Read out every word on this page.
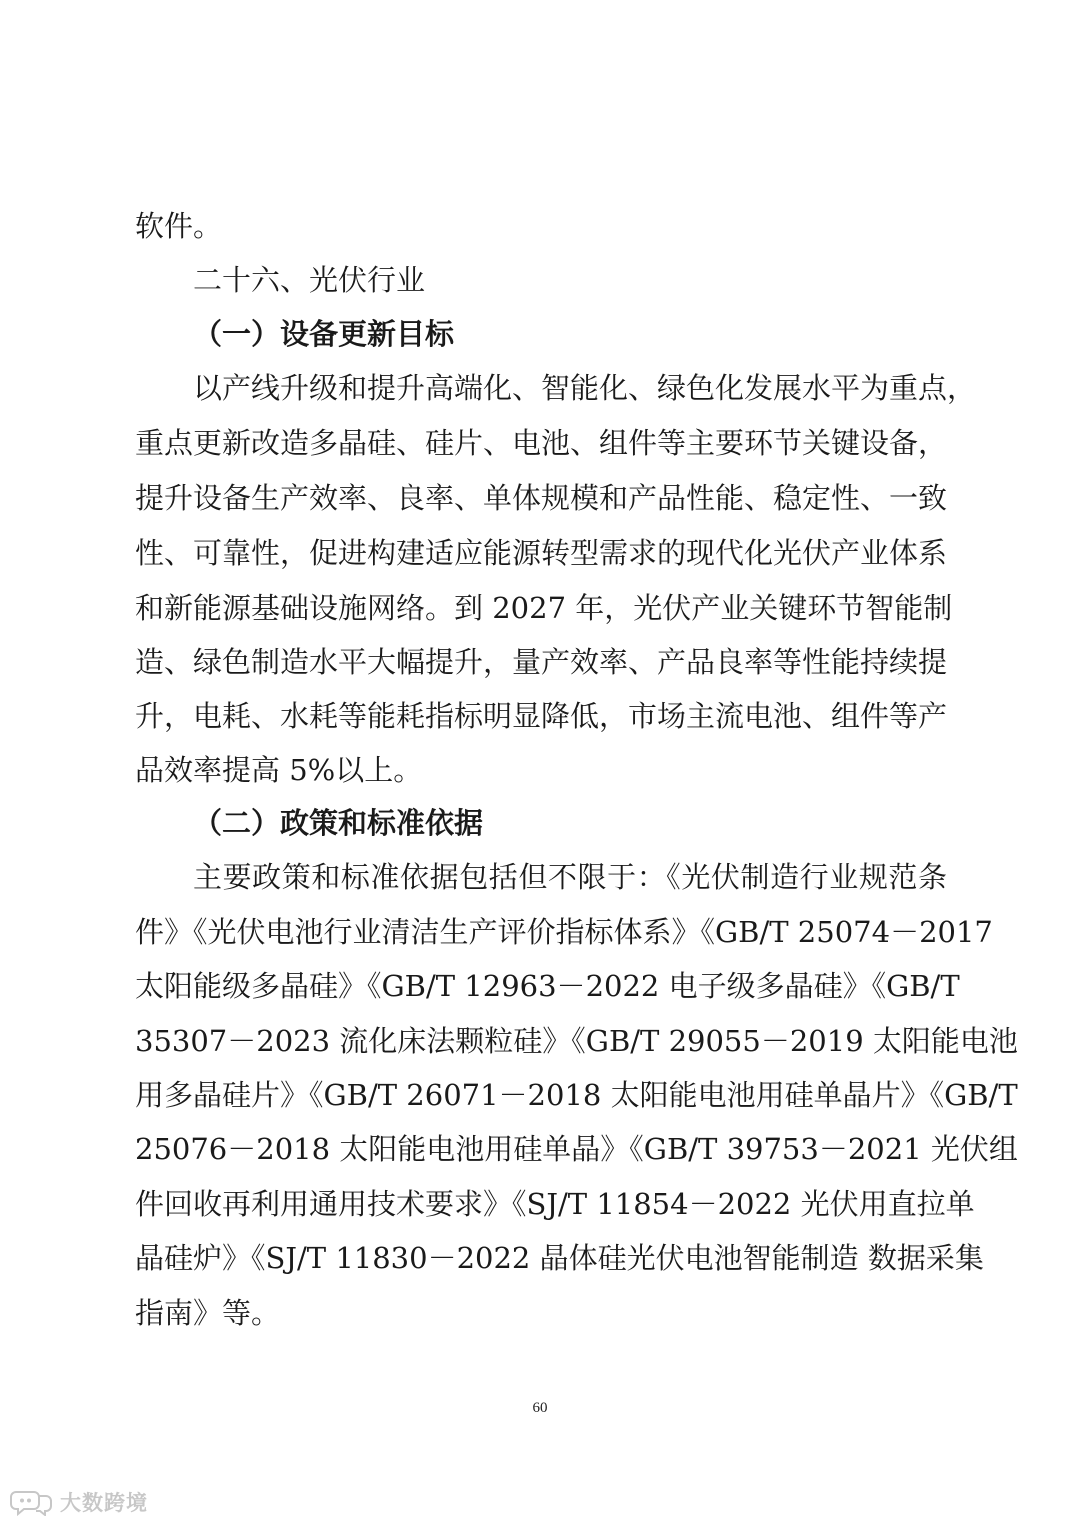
软件。
二十六、光伏行业
（一）设备更新目标
以产线升级和提升高端化、智能化、绿色化发展水平为重点，
重点更新改造多晶硅、硅片、电池、组件等主要环节关键设备，
提升设备生产效率、良率、单体规模和产品性能、稳定性、一致
性、可靠性，促进构建适应能源转型需求的现代化光伏产业体系
和新能源基础设施网络。到 2027 年，光伏产业关键环节智能制
造、绿色制造水平大幅提升，量产效率、产品良率等性能持续提
升，电耗、水耗等能耗指标明显降低，市场主流电池、组件等产
品效率提高 5%以上。
（二）政策和标准依据
主要政策和标准依据包括但不限于：《光伏制造行业规范条
件》《光伏电池行业清洁生产评价指标体系》《GB/T 25074－2017
太阳能级多晶硅》《GB/T 12963－2022 电子级多晶硅》《GB/T
35307－2023 流化床法颗粒硅》《GB/T 29055－2019 太阳能电池
用多晶硅片》《GB/T 26071－2018 太阳能电池用硅单晶片》《GB/T
25076－2018 太阳能电池用硅单晶》《GB/T 39753－2021 光伏组
件回收再利用通用技术要求》《SJ/T 11854－2022 光伏用直拉单
晶硅炉》《SJ/T 11830－2022 晶体硅光伏电池智能制造 数据采集
指南》等。
60
大数跨境
